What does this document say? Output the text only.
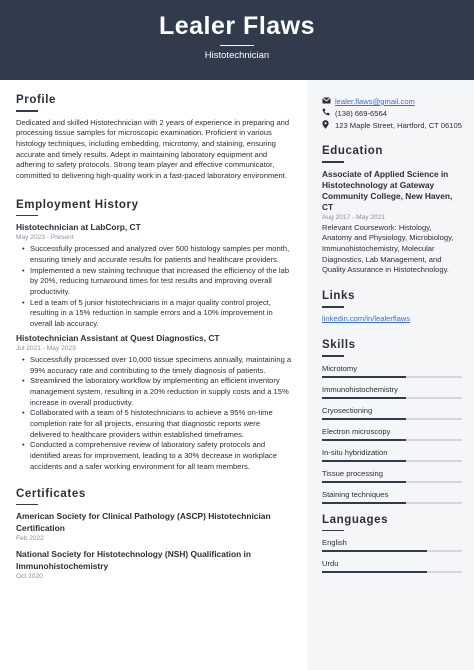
Lealer Flaws
Histotechnician
Profile
Dedicated and skilled Histotechnician with 2 years of experience in preparing and processing tissue samples for microscopic examination. Proficient in various histology techniques, including embedding, microtomy, and staining, ensuring accurate and timely results. Adept in maintaining laboratory equipment and adhering to safety protocols. Strong team player and effective communicator, committed to delivering high-quality work in a fast-paced laboratory environment.
Employment History
Histotechnician at LabCorp, CT
May 2023 - Present
• Successfully processed and analyzed over 500 histology samples per month, ensuring timely and accurate results for patients and healthcare providers.
• Implemented a new staining technique that increased the efficiency of the lab by 20%, reducing turnaround times for test results and improving overall productivity.
• Led a team of 5 junior histotechnicians in a major quality control project, resulting in a 15% reduction in sample errors and a 10% improvement in overall lab accuracy.
Histotechnician Assistant at Quest Diagnostics, CT
Jul 2021 - May 2023
• Successfully processed over 10,000 tissue specimens annually, maintaining a 99% accuracy rate and contributing to the timely diagnosis of patients.
• Streamlined the laboratory workflow by implementing an efficient inventory management system, resulting in a 20% reduction in supply costs and a 15% increase in overall productivity.
• Collaborated with a team of 5 histotechnicians to achieve a 95% on-time completion rate for all projects, ensuring that diagnostic reports were delivered to healthcare providers within established timeframes.
• Conducted a comprehensive review of laboratory safety protocols and identified areas for improvement, leading to a 30% decrease in workplace accidents and a safer working environment for all team members.
Certificates
American Society for Clinical Pathology (ASCP) Histotechnician Certification
Feb 2022
National Society for Histotechnology (NSH) Qualification in Immunohistochemistry
Oct 2020
lealer.flaws@gmail.com
(138) 669-6564
123 Maple Street, Hartford, CT 06105
Education
Associate of Applied Science in Histotechnology at Gateway Community College, New Haven, CT
Aug 2017 - May 2021
Relevant Coursework: Histology, Anatomy and Physiology, Microbiology, Immunohistochemistry, Molecular Diagnostics, Lab Management, and Quality Assurance in Histotechnology.
Links
linkedin.com/in/lealerflaws
Skills
Microtomy
Immunohistochemistry
Cryosectioning
Electron microscopy
In-situ hybridization
Tissue processing
Staining techniques
Languages
English
Urdu
